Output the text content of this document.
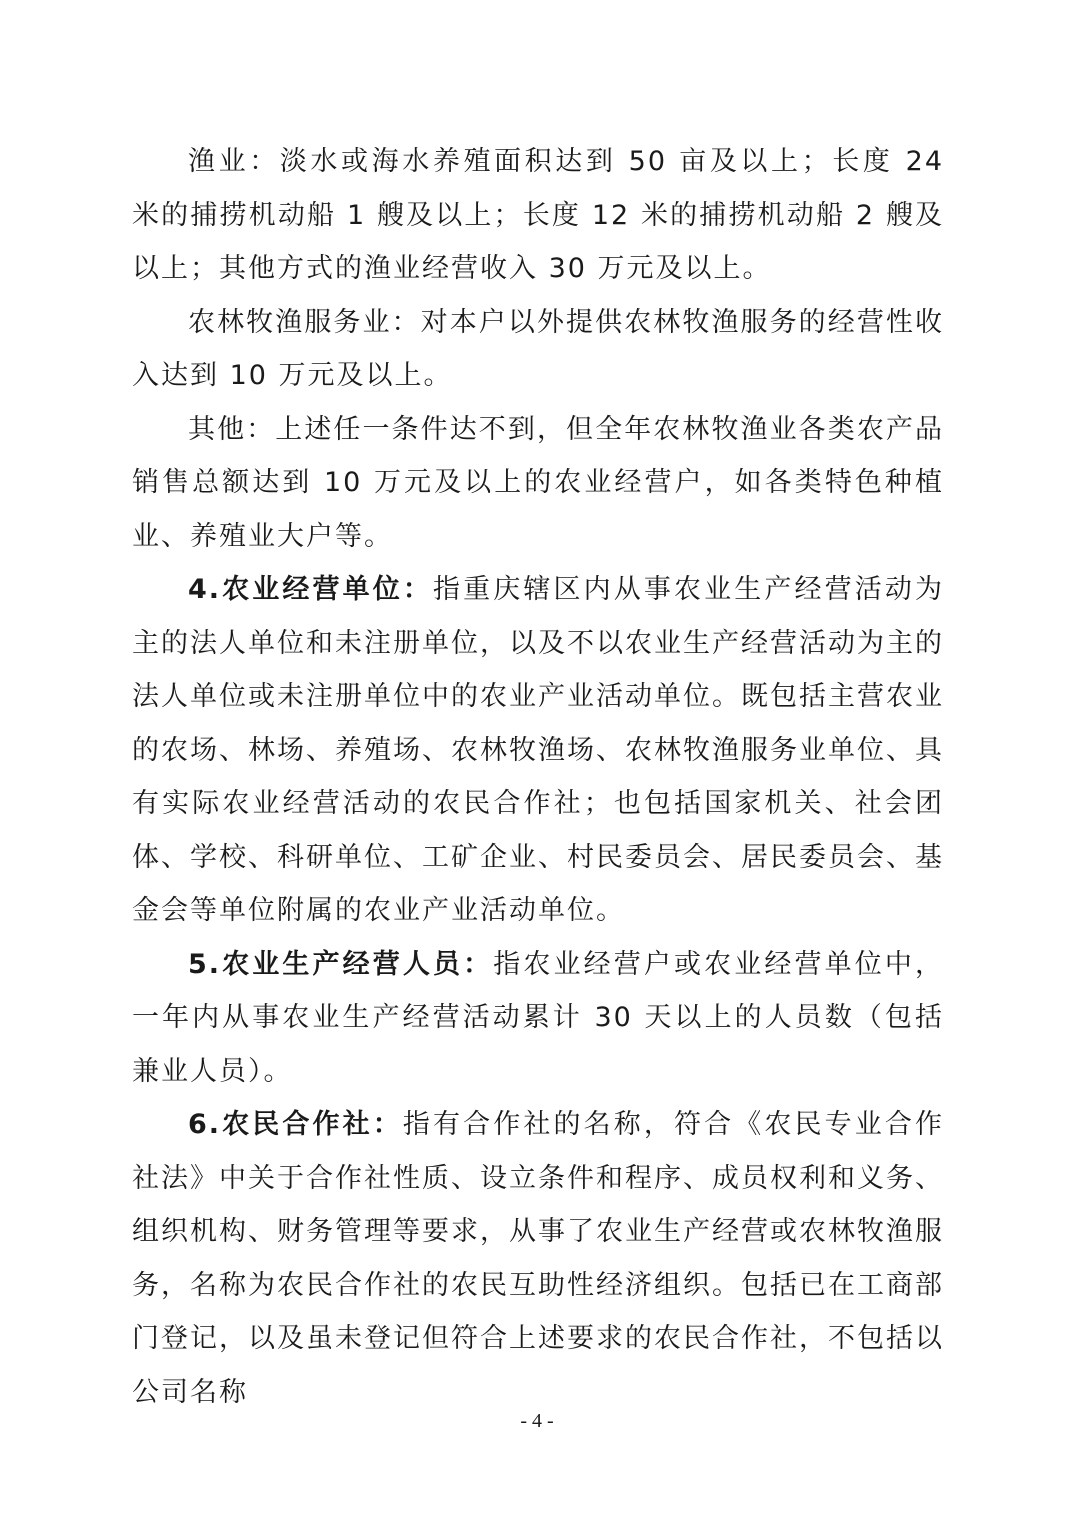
渔业：淡水或海水养殖面积达到 50 亩及以上；长度 24 米的捕捞机动船 1 艘及以上；长度 12 米的捕捞机动船 2 艘及以上；其他方式的渔业经营收入 30 万元及以上。

农林牧渔服务业：对本户以外提供农林牧渔服务的经营性收入达到 10 万元及以上。

其他：上述任一条件达不到，但全年农林牧渔业各类农产品销售总额达到 10 万元及以上的农业经营户，如各类特色种植业、养殖业大户等。

4.农业经营单位：指重庆辖区内从事农业生产经营活动为主的法人单位和未注册单位，以及不以农业生产经营活动为主的法人单位或未注册单位中的农业产业活动单位。既包括主营农业的农场、林场、养殖场、农林牧渔场、农林牧渔服务业单位、具有实际农业经营活动的农民合作社；也包括国家机关、社会团体、学校、科研单位、工矿企业、村民委员会、居民委员会、基金会等单位附属的农业产业活动单位。

5.农业生产经营人员：指农业经营户或农业经营单位中，一年内从事农业生产经营活动累计 30 天以上的人员数（包括兼业人员）。

6.农民合作社：指有合作社的名称，符合《农民专业合作社法》中关于合作社性质、设立条件和程序、成员权利和义务、组织机构、财务管理等要求，从事了农业生产经营或农林牧渔服务，名称为农民合作社的农民互助性经济组织。包括已在工商部门登记，以及虽未登记但符合上述要求的农民合作社，不包括以公司名称

- 4 -
